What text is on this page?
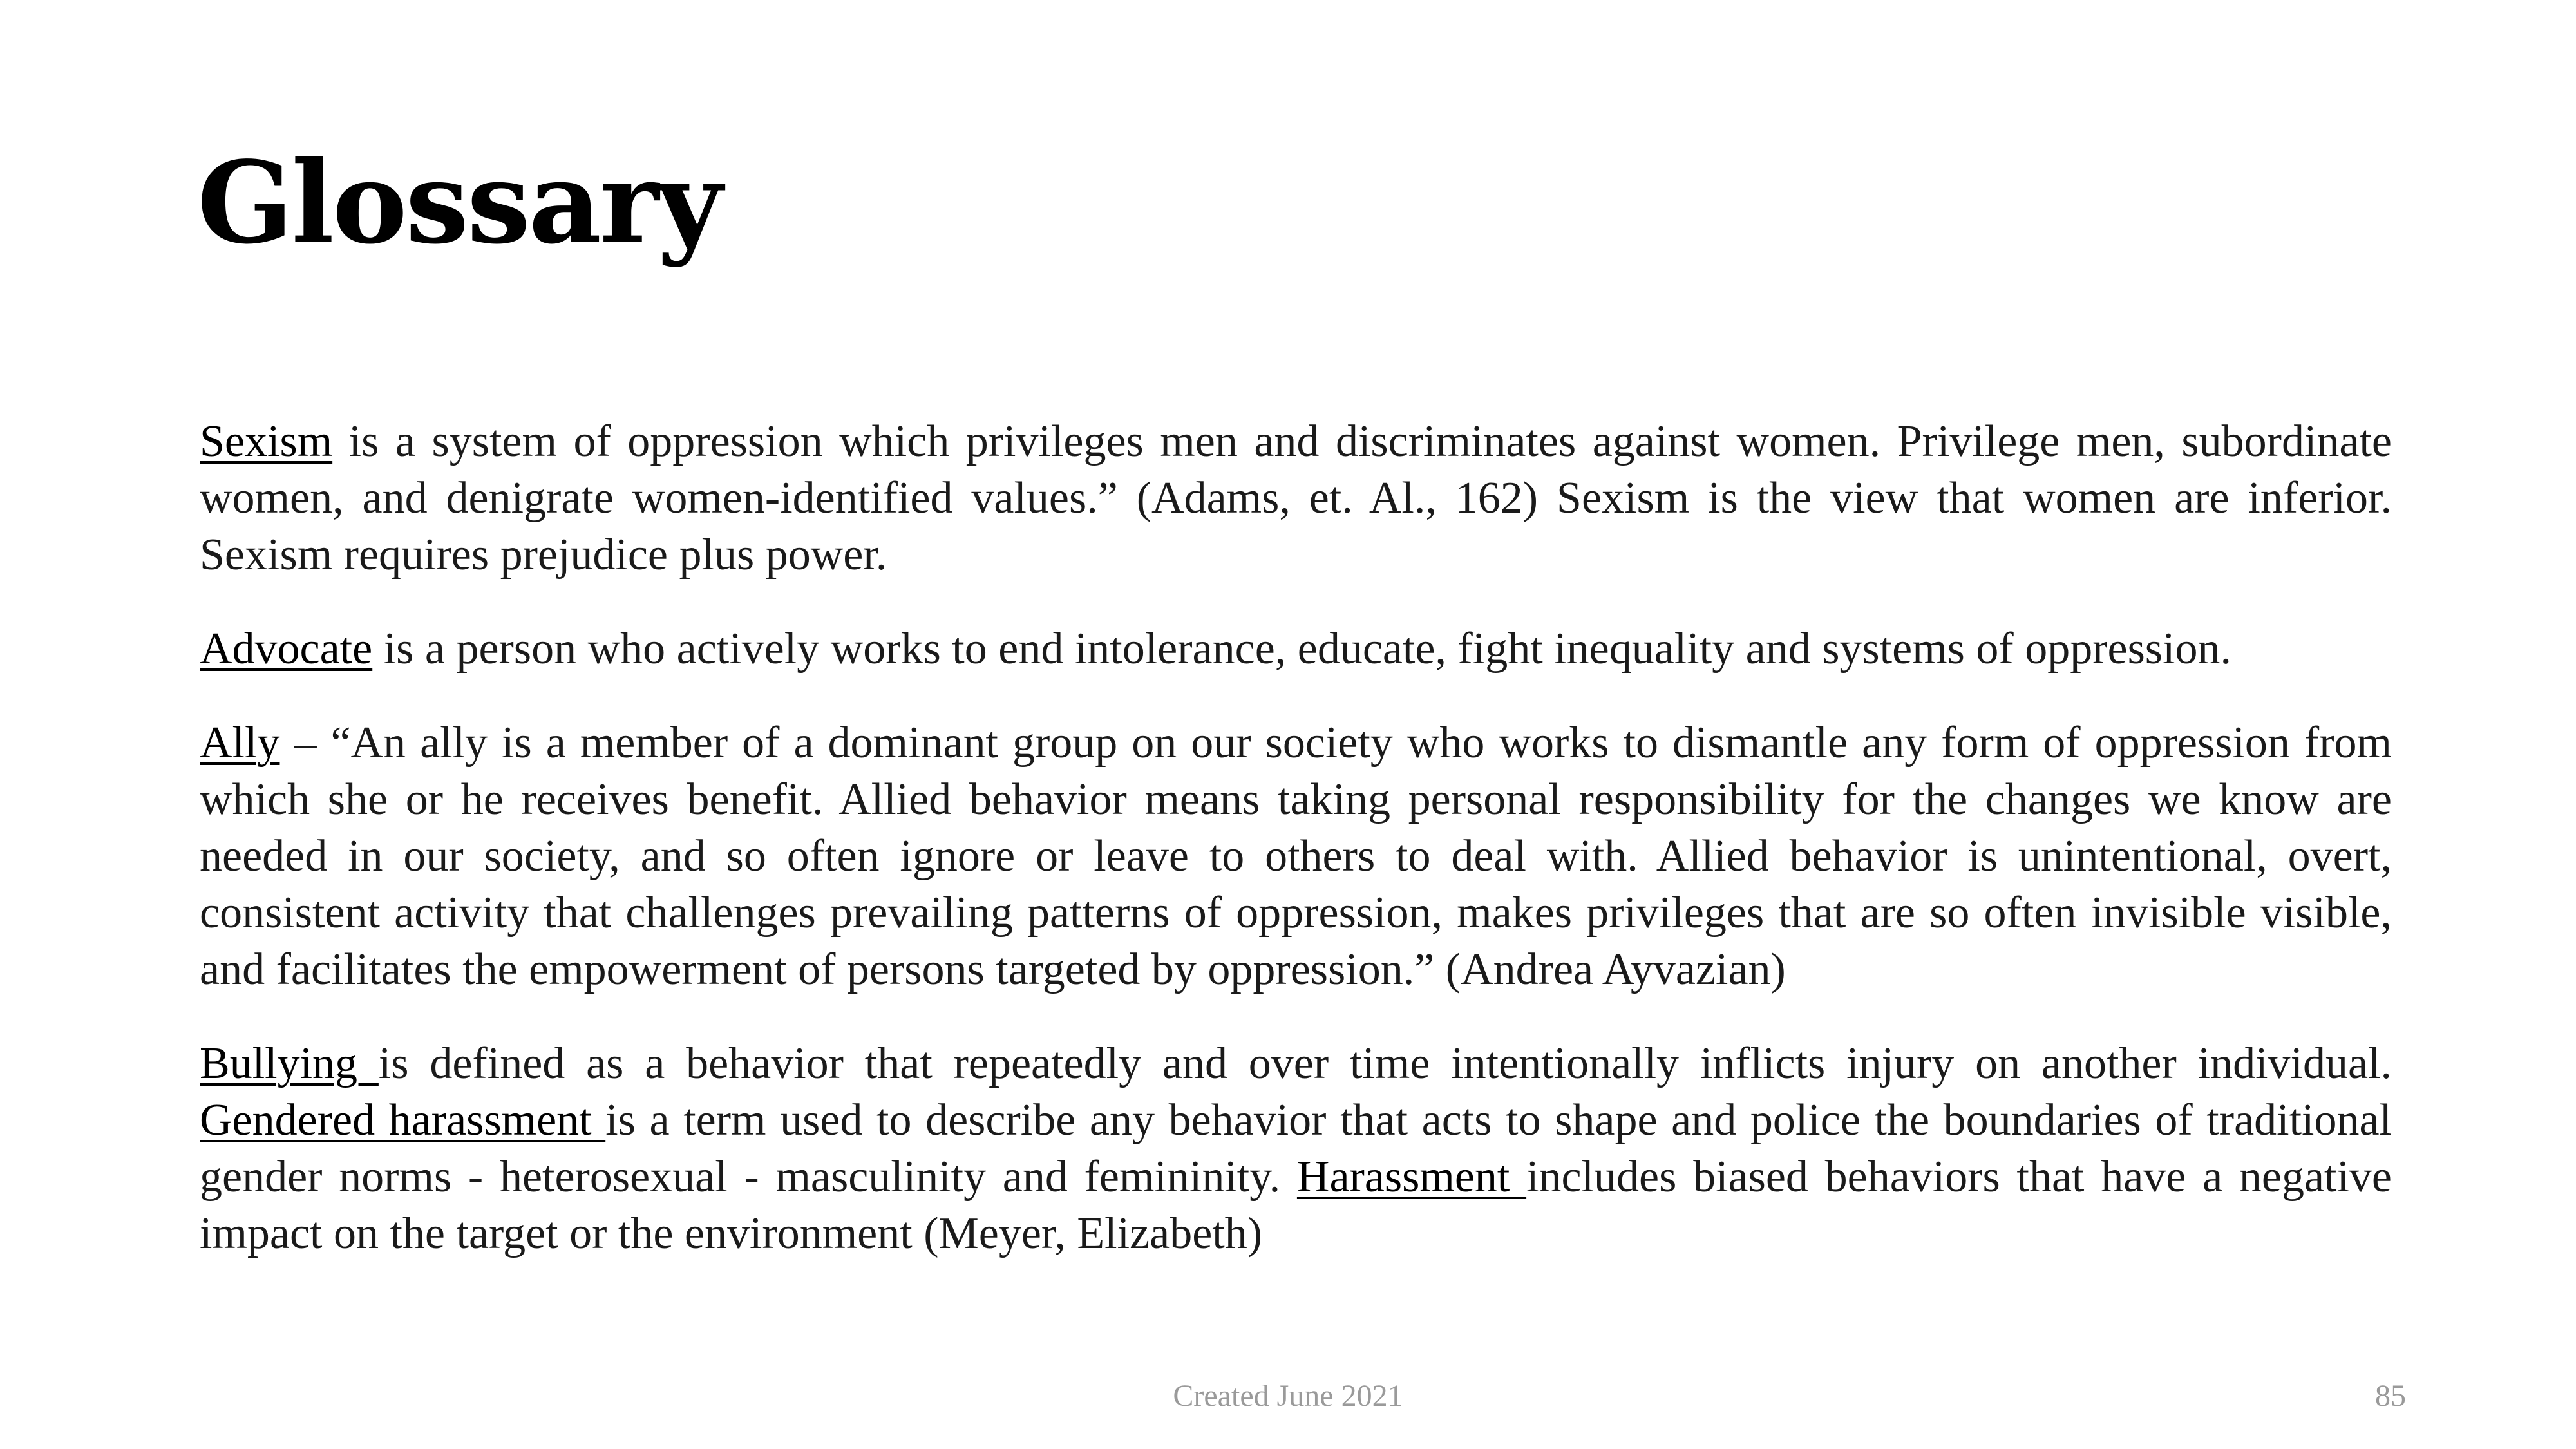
Glossary

Sexism is a system of oppression which privileges men and discriminates against women. Privilege men, subordinate women, and denigrate women-identified values.” (Adams, et. Al., 162) Sexism is the view that women are inferior. Sexism requires prejudice plus power.

Advocate is a person who actively works to end intolerance, educate, fight inequality and systems of oppression.

Ally – “An ally is a member of a dominant group on our society who works to dismantle any form of oppression from which she or he receives benefit. Allied behavior means taking personal responsibility for the changes we know are needed in our society, and so often ignore or leave to others to deal with. Allied behavior is unintentional, overt, consistent activity that challenges prevailing patterns of oppression, makes privileges that are so often invisible visible, and facilitates the empowerment of persons targeted by oppression.” (Andrea Ayvazian)

Bullying is defined as a behavior that repeatedly and over time intentionally inflicts injury on another individual. Gendered harassment is a term used to describe any behavior that acts to shape and police the boundaries of traditional gender norms - heterosexual - masculinity and femininity. Harassment includes biased behaviors that have a negative impact on the target or the environment (Meyer, Elizabeth)

Created June 2021	85
